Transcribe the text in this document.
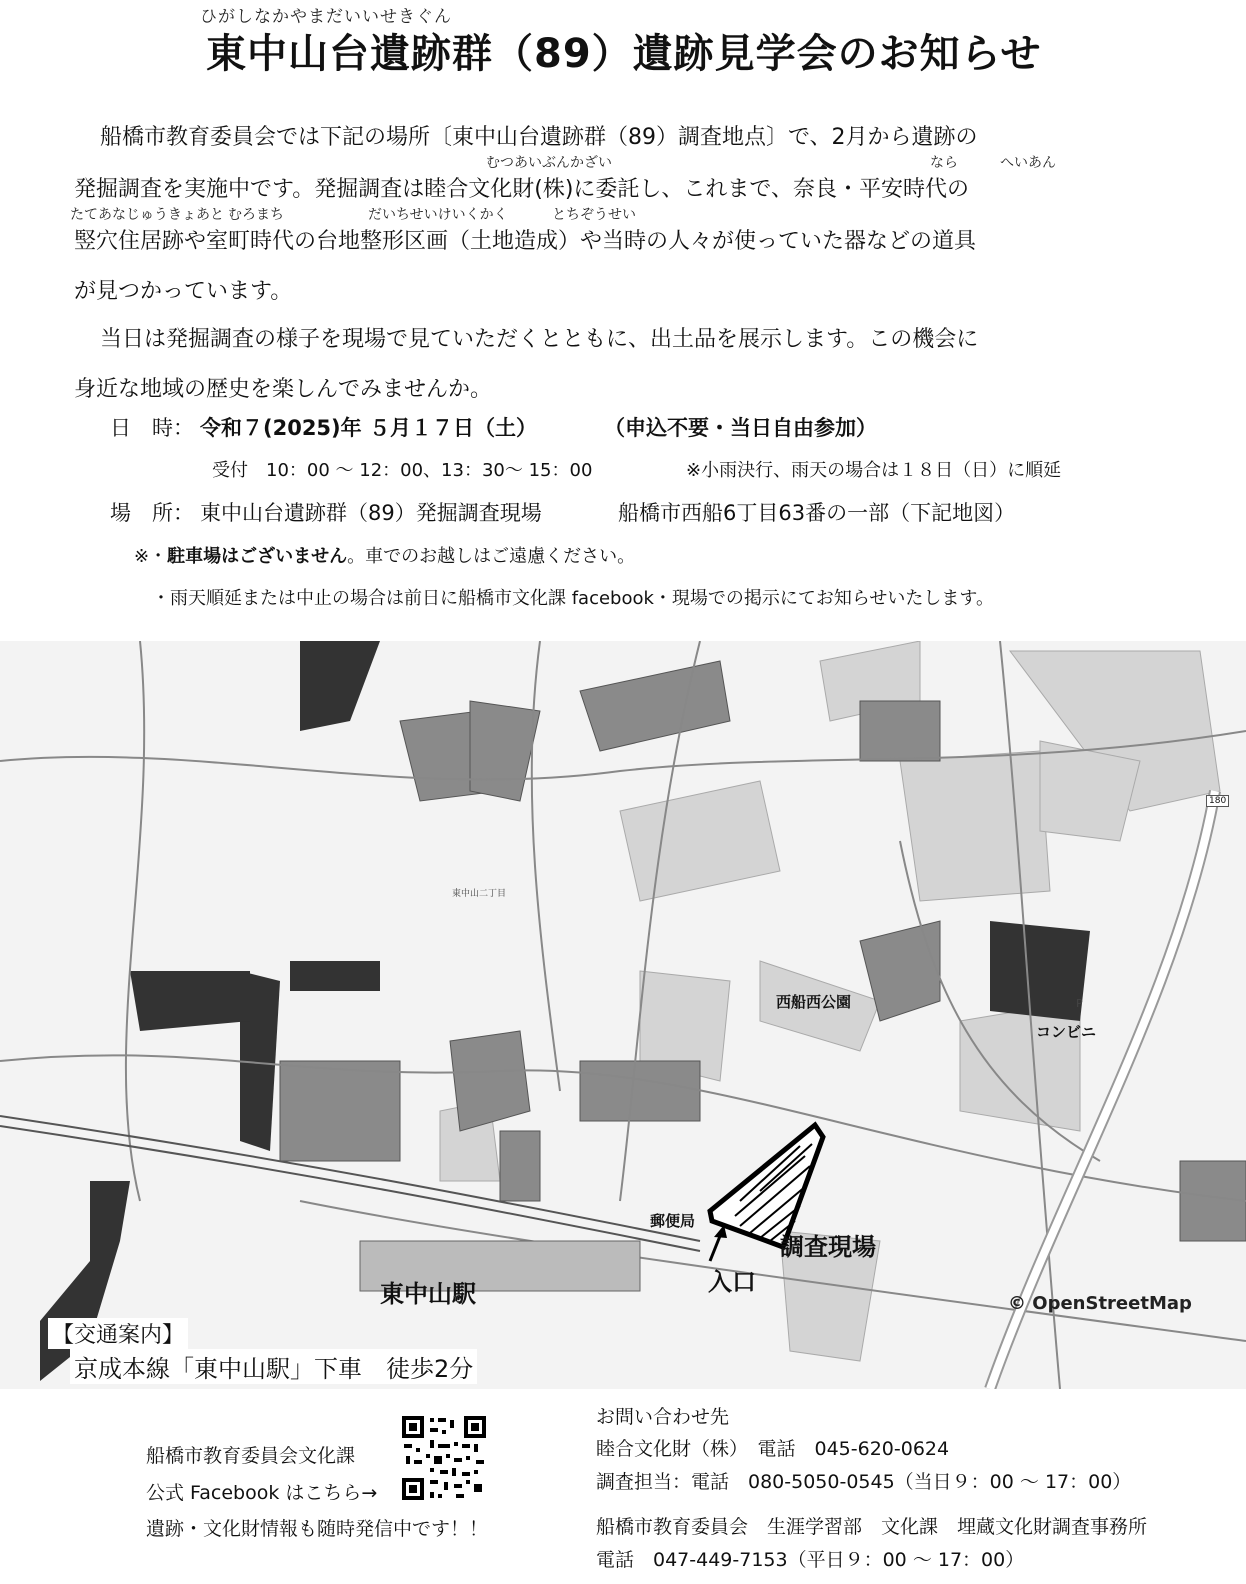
ひがしなかやまだいいせきぐん
東中山台遺跡群（89）遺跡見学会のお知らせ
船橋市教育委員会では下記の場所〔東中山台遺跡群（89）調査地点〕で、2月から遺跡の
むつあいぶんかざい	なら	へいあん
発掘調査を実施中です。発掘調査は睦合文化財(株)に委託し、これまで、奈良・平安時代の
たてあなじゅうきょあと むろまち	だいちせいけいくかく	とちぞうせい
竪穴住居跡や室町時代の台地整形区画（土地造成）や当時の人々が使っていた器などの道具
が見つかっています。
当日は発掘調査の様子を現場で見ていただくとともに、出土品を展示します。この機会に
身近な地域の歴史を楽しんでみませんか。
日　時： 令和７(2025)年 ５月１７日（土）	（申込不要・当日自由参加）
受付　10：00 ～ 12：00、13：30～ 15：00	※小雨決行、雨天の場合は１８日（日）に順延
場　所： 東中山台遺跡群（89）発掘調査現場	船橋市西船6丁目63番の一部（下記地図）
※・駐車場はございません。車でのお越しはご遠慮ください。
・雨天順延または中止の場合は前日に船橋市文化課 facebook・現場での掲示にてお知らせいたします。
西船西公園
コンビニ
郵便局
調査現場
入口
東中山駅
東中山二丁目
180
P
© OpenStreetMap
【交通案内】
京成本線「東中山駅」下車　徒歩2分
船橋市教育委員会文化課
公式 Facebook はこちら→
遺跡・文化財情報も随時発信中です！！
お問い合わせ先
睦合文化財（株）　電話　045-620-0624
調査担当：電話　080-5050-0545（当日９：00 ～ 17：00）
船橋市教育委員会　生涯学習部　文化課　埋蔵文化財調査事務所
電話　047-449-7153（平日９：00 ～ 17：00）
